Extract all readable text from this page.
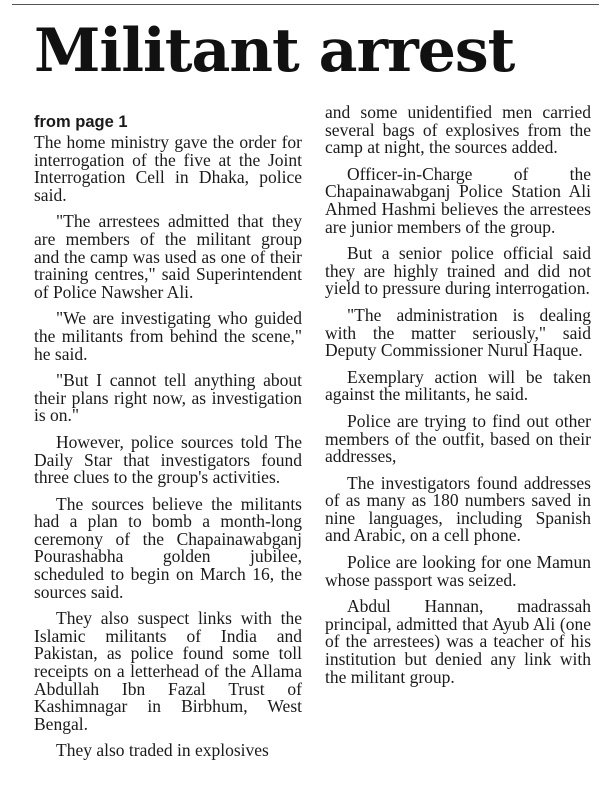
Militant arrest
from page 1

The home ministry gave the order for interrogation of the five at the Joint Interrogation Cell in Dhaka, police said.

"The arrestees admitted that they are members of the militant group and the camp was used as one of their training centres," said Superintendent of Police Nawsher Ali.

"We are investigating who guided the militants from behind the scene," he said.

"But I cannot tell anything about their plans right now, as investigation is on."

However, police sources told The Daily Star that investigators found three clues to the group's activities.

The sources believe the militants had a plan to bomb a month-long ceremony of the Chapainawabganj Pourashabha golden jubilee, scheduled to begin on March 16, the sources said.

They also suspect links with the Islamic militants of India and Pakistan, as police found some toll receipts on a letterhead of the Allama Abdullah Ibn Fazal Trust of Kashimnagar in Birbhum, West Bengal.

They also traded in explosives

and some unidentified men carried several bags of explosives from the camp at night, the sources added.

Officer-in-Charge of the Chapainawabganj Police Station Ali Ahmed Hashmi believes the arrestees are junior members of the group.

But a senior police official said they are highly trained and did not yield to pressure during interrogation.

"The administration is dealing with the matter seriously," said Deputy Commissioner Nurul Haque.

Exemplary action will be taken against the militants, he said.

Police are trying to find out other members of the outfit, based on their addresses,

The investigators found addresses of as many as 180 numbers saved in nine languages, including Spanish and Arabic, on a cell phone.

Police are looking for one Mamun whose passport was seized.

Abdul Hannan, madrassah principal, admitted that Ayub Ali (one of the arrestees) was a teacher of his institution but denied any link with the militant group.
